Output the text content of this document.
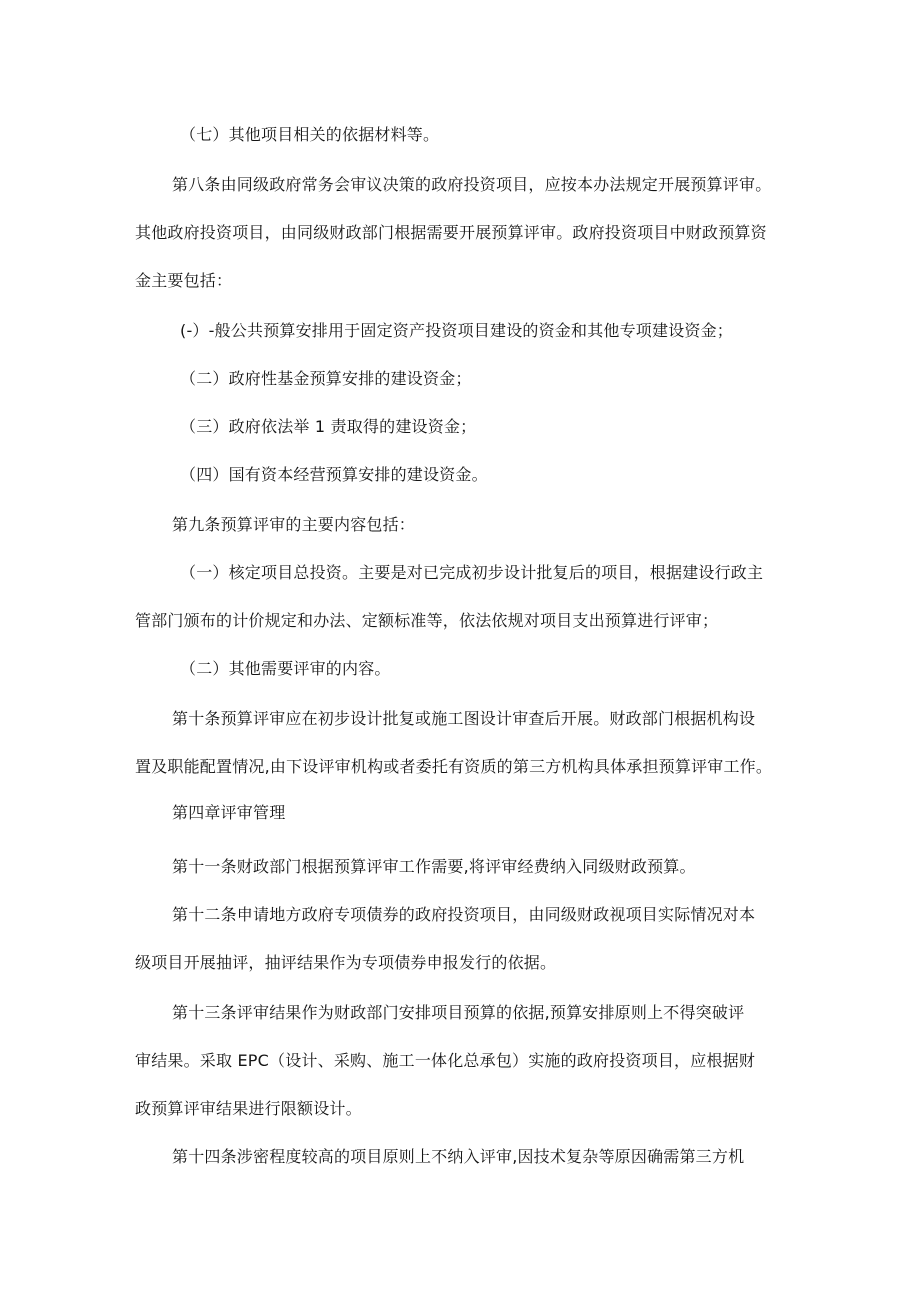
（七）其他项目相关的依据材料等。
第八条由同级政府常务会审议决策的政府投资项目，应按本办法规定开展预算评审。
其他政府投资项目，由同级财政部门根据需要开展预算评审。政府投资项目中财政预算资
金主要包括：
(-）-般公共预算安排用于固定资产投资项目建设的资金和其他专项建设资金；
（二）政府性基金预算安排的建设资金；
（三）政府依法举 1 责取得的建设资金；
（四）国有资本经营预算安排的建设资金。
第九条预算评审的主要内容包括：
（一）核定项目总投资。主要是对已完成初步设计批复后的项目，根据建设行政主
管部门颁布的计价规定和办法、定额标准等，依法依规对项目支出预算进行评审；
（二）其他需要评审的内容。
第十条预算评审应在初步设计批复或施工图设计审查后开展。财政部门根据机构设
置及职能配置情况,由下设评审机构或者委托有资质的第三方机构具体承担预算评审工作。
第四章评审管理
第十一条财政部门根据预算评审工作需要,将评审经费纳入同级财政预算。
第十二条申请地方政府专项债券的政府投资项目，由同级财政视项目实际情况对本
级项目开展抽评，抽评结果作为专项债券申报发行的依据。
第十三条评审结果作为财政部门安排项目预算的依据,预算安排原则上不得突破评
审结果。采取 EPC（设计、采购、施工一体化总承包）实施的政府投资项目，应根据财
政预算评审结果进行限额设计。
第十四条涉密程度较高的项目原则上不纳入评审,因技术复杂等原因确需第三方机
